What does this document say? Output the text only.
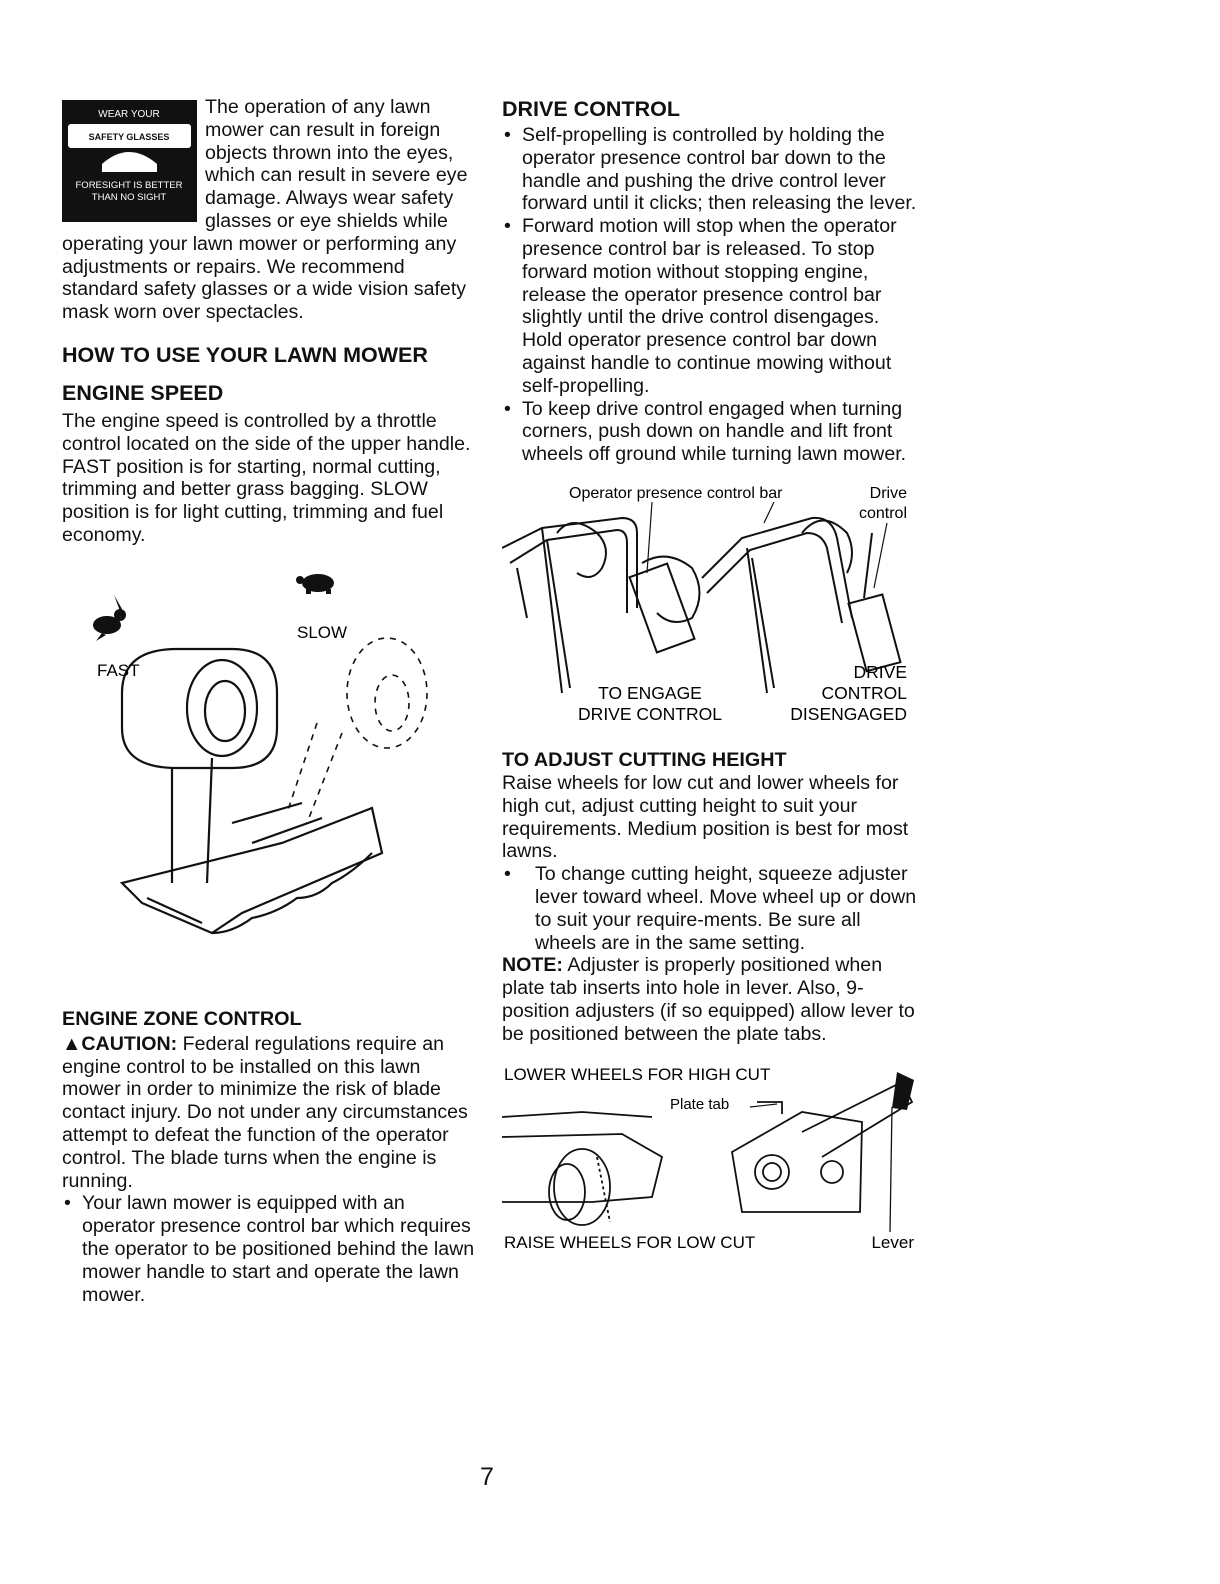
WEAR YOUR
SAFETY GLASSES
FORESIGHT IS BETTER
THAN NO SIGHT

The operation of any lawn mower can result in foreign objects thrown into the eyes, which can result in severe eye damage. Always wear safety glasses or eye shields while operating your lawn mower or performing any adjustments or repairs. We recommend standard safety glasses or a wide vision safety mask worn over spectacles.

HOW TO USE YOUR LAWN MOWER

ENGINE SPEED

The engine speed is controlled by a throttle control located on the side of the upper handle. FAST position is for starting, normal cutting, trimming and better grass bagging. SLOW position is for light cutting, trimming and fuel economy.

SLOW
FAST

ENGINE ZONE CONTROL

▲CAUTION: Federal regulations require an engine control to be installed on this lawn mower in order to minimize the risk of blade contact injury. Do not under any circumstances attempt to defeat the function of the operator control. The blade turns when the engine is running.

• Your lawn mower is equipped with an operator presence control bar which requires the operator to be positioned behind the lawn mower handle to start and operate the lawn mower.

DRIVE CONTROL

• Self-propelling is controlled by holding the operator presence control bar down to the handle and pushing the drive control lever forward until it clicks; then releasing the lever.
• Forward motion will stop when the operator presence control bar is released. To stop forward motion without stopping engine, release the operator presence control bar slightly until the drive control disengages. Hold operator presence control bar down against handle to continue mowing without self-propelling.
• To keep drive control engaged when turning corners, push down on handle and lift front wheels off ground while turning lawn mower.
Operator presence control bar	Drive
control
TO ENGAGE
DRIVE CONTROL
DRIVE
CONTROL
DISENGAGED

TO ADJUST CUTTING HEIGHT

Raise wheels for low cut and lower wheels for high cut, adjust cutting height to suit your requirements. Medium position is best for most lawns.

• To change cutting height, squeeze adjuster lever toward wheel. Move wheel up or down to suit your require-ments. Be sure all wheels are in the same setting.

NOTE: Adjuster is properly positioned when plate tab inserts into hole in lever. Also, 9-position adjusters (if so equipped) allow lever to be positioned between the plate tabs.

LOWER WHEELS FOR HIGH CUT
Plate tab
RAISE WHEELS FOR LOW CUT	Lever
7
